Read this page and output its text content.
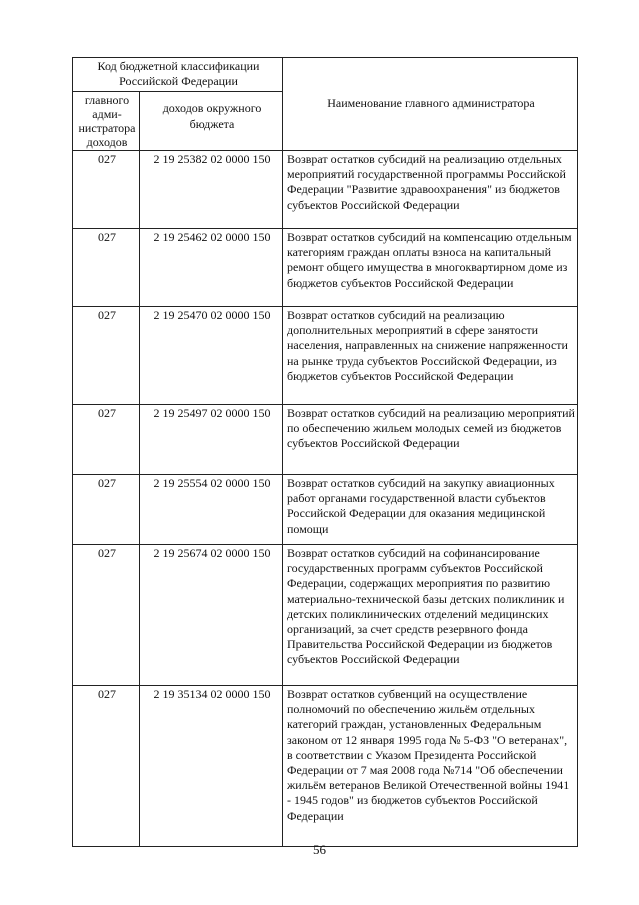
Код бюджетной классификации Российской Федерации		Наименование главного администратора
главного адми-нистратора доходов	доходов окружного бюджета	
027	2 19 25382 02 0000 150	Возврат остатков субсидий на реализацию отдельных мероприятий государственной программы Российской Федерации "Развитие здравоохранения" из бюджетов субъектов Российской Федерации
027	2 19 25462 02 0000 150	Возврат остатков субсидий на компенсацию отдельным категориям граждан оплаты взноса на капитальный ремонт общего имущества в многоквартирном доме из бюджетов субъектов Российской Федерации
027	2 19 25470 02 0000 150	Возврат остатков субсидий на реализацию дополнительных мероприятий в сфере занятости населения, направленных на снижение напряженности на рынке труда субъектов Российской Федерации, из бюджетов субъектов Российской Федерации
027	2 19 25497 02 0000 150	Возврат остатков субсидий на реализацию мероприятий по обеспечению жильем молодых семей из бюджетов субъектов Российской Федерации
027	2 19 25554 02 0000 150	Возврат остатков субсидий на закупку авиационных работ органами государственной власти субъектов Российской Федерации для оказания медицинской помощи
027	2 19 25674 02 0000 150	Возврат остатков субсидий на софинансирование государственных программ субъектов Российской Федерации, содержащих мероприятия по развитию материально-технической базы детских поликлиник и детских поликлинических отделений медицинских организаций, за счет средств резервного фонда Правительства Российской Федерации из бюджетов субъектов Российской Федерации
027	2 19 35134 02 0000 150	Возврат остатков субвенций на осуществление полномочий по обеспечению жильём отдельных категорий граждан, установленных Федеральным законом от 12 января 1995 года № 5-ФЗ "О ветеранах", в соответствии с Указом Президента Российской Федерации от 7 мая 2008 года №714 "Об обеспечении жильём ветеранов Великой Отечественной войны 1941 - 1945 годов" из бюджетов субъектов Российской Федерации
56
